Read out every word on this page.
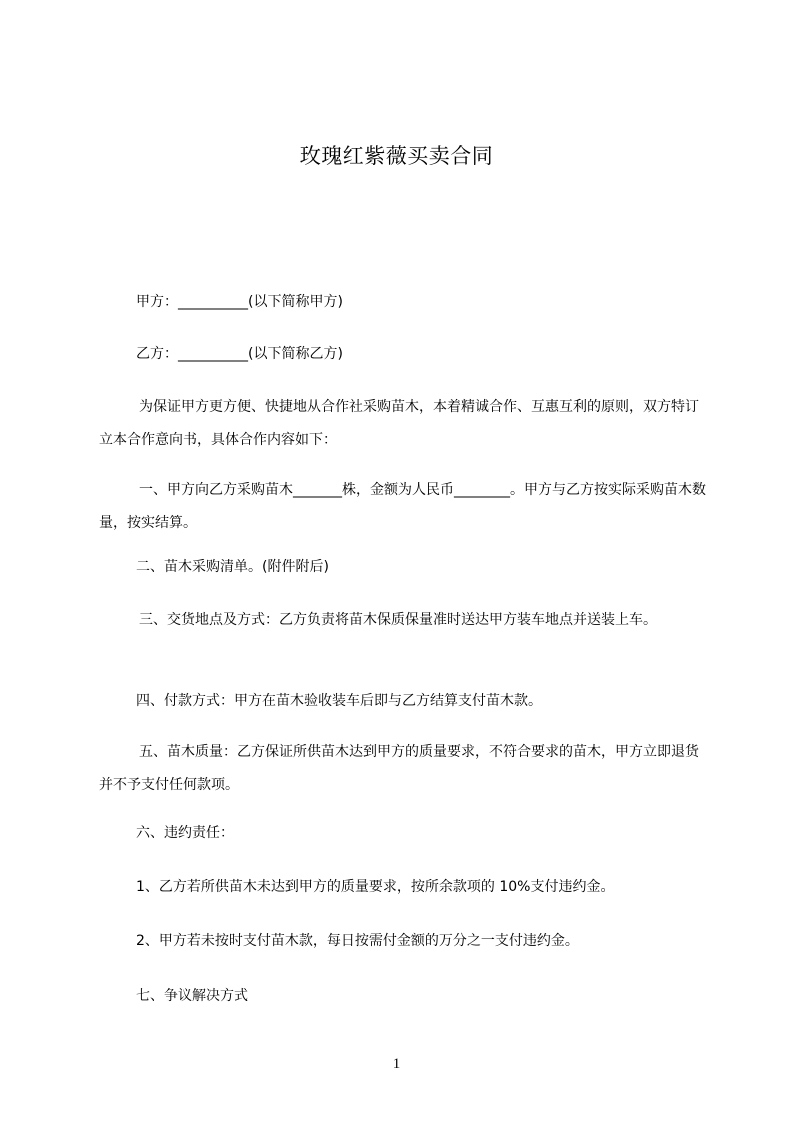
玫瑰红紫薇买卖合同

甲方：__________(以下简称甲方)

乙方：__________(以下简称乙方)

为保证甲方更方便、快捷地从合作社采购苗木，本着精诚合作、互惠互利的原则，双方特订立本合作意向书，具体合作内容如下：

一、甲方向乙方采购苗木_______株，金额为人民币________。甲方与乙方按实际采购苗木数量，按实结算。

二、苗木采购清单。(附件附后)

三、交货地点及方式：乙方负责将苗木保质保量准时送达甲方装车地点并送装上车。

四、付款方式：甲方在苗木验收装车后即与乙方结算支付苗木款。

五、苗木质量：乙方保证所供苗木达到甲方的质量要求，不符合要求的苗木，甲方立即退货并不予支付任何款项。

六、违约责任：

1、乙方若所供苗木未达到甲方的质量要求，按所余款项的 10%支付违约金。

2、甲方若未按时支付苗木款，每日按需付金额的万分之一支付违约金。

七、争议解决方式

1
